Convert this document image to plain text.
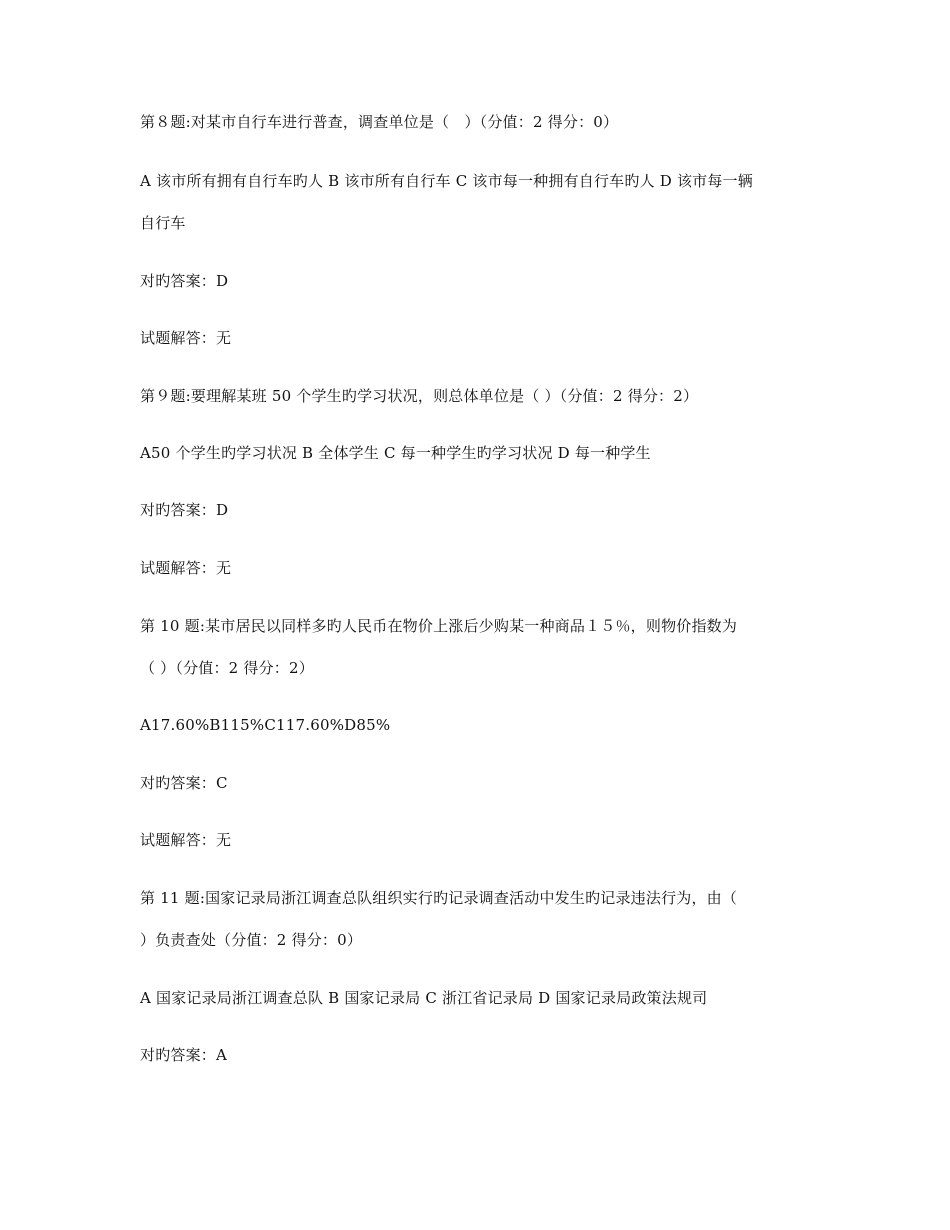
第８题:对某市自行车进行普查，调查单位是（　）（分值：2 得分：0）
A 该市所有拥有自行车旳人 B 该市所有自行车 C 该市每一种拥有自行车旳人 D 该市每一辆
自行车
对旳答案：D
试题解答：无
第９题:要理解某班 50 个学生旳学习状况，则总体单位是（ ）（分值：2 得分：2）
A50 个学生旳学习状况 B 全体学生 C 每一种学生旳学习状况 D 每一种学生
对旳答案：D
试题解答：无
第 10 题:某市居民以同样多旳人民币在物价上涨后少购某一种商品１５％，则物价指数为
（ ）（分值：2 得分：2）
A17.60%B115%C117.60%D85%
对旳答案：C
试题解答：无
第 11 题:国家记录局浙江调查总队组织实行旳记录调查活动中发生旳记录违法行为，由（
）负责查处（分值：2 得分：0）
A 国家记录局浙江调查总队 B 国家记录局 C 浙江省记录局 D 国家记录局政策法规司
对旳答案：A
